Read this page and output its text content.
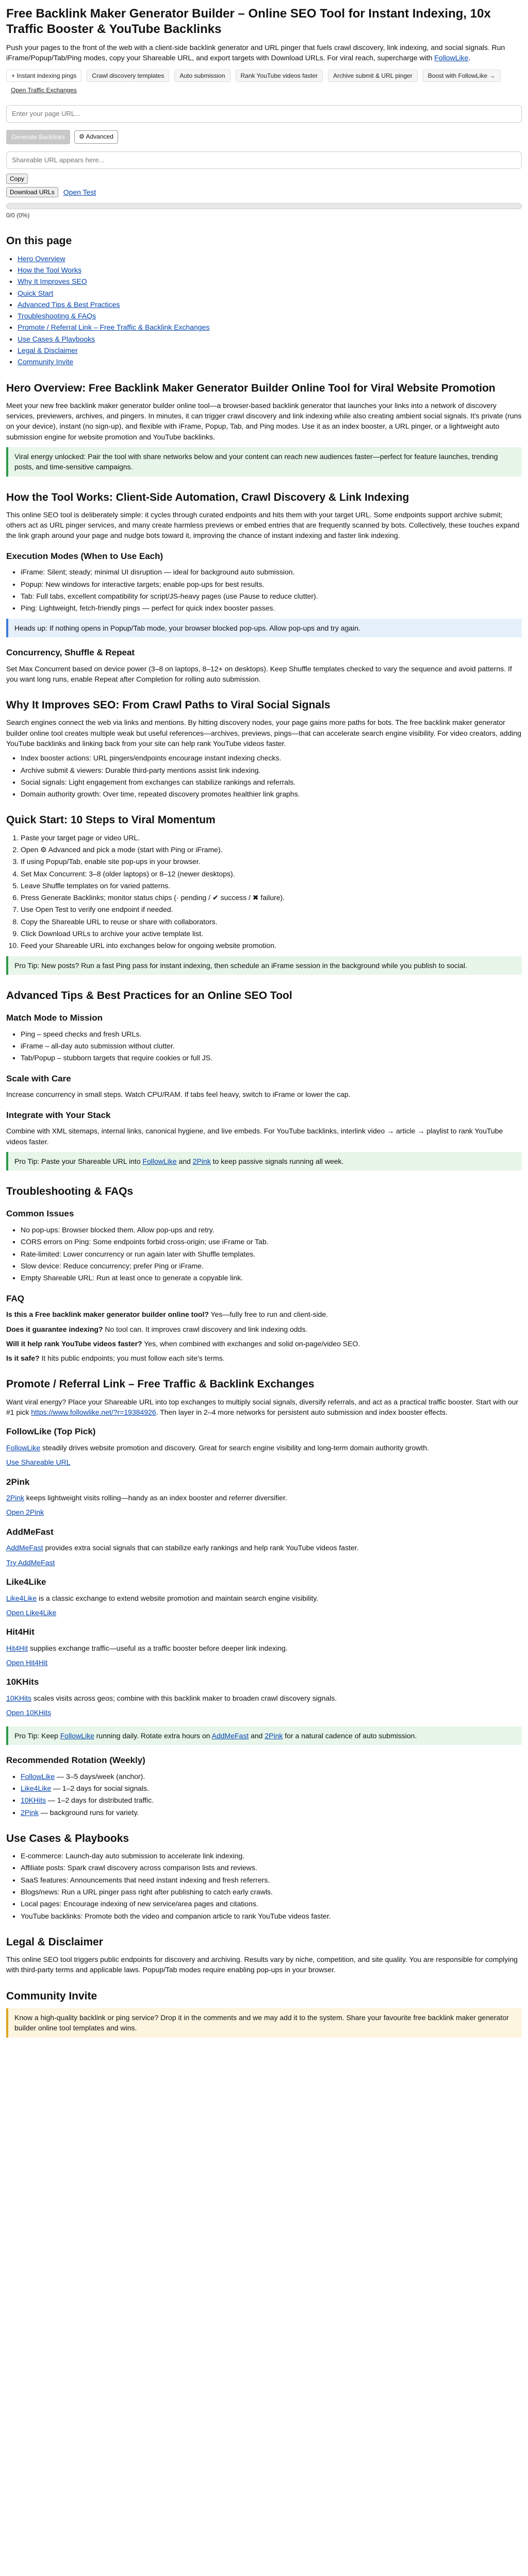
Free Backlink Maker Generator Builder – Online SEO Tool for Instant Indexing, 10x Traffic Booster & YouTube Backlinks

Push your pages to the front of the web with a client-side backlink generator and URL pinger that fuels crawl discovery, link indexing, and social signals. Run iFrame/Popup/Tab/Ping modes, copy your Shareable URL, and export targets with Download URLs. For viral reach, supercharge with FollowLike.

+ Instant indexing pings	Crawl discovery templates	Auto submission	Rank YouTube videos faster	Archive submit & URL pinger	Boost with FollowLike →
Open Traffic Exchanges
Enter your page URL...
Generate Backlinks	⚙ Advanced
Shareable URL appears here...
Copy
Download URLs	Open Test
0/0 (0%)
On this page
• Hero Overview
• How the Tool Works
• Why It Improves SEO
• Quick Start
• Advanced Tips & Best Practices
• Troubleshooting & FAQs
• Promote / Referral Link – Free Traffic & Backlink Exchanges
• Use Cases & Playbooks
• Legal & Disclaimer
• Community Invite
Hero Overview: Free Backlink Maker Generator Builder Online Tool for Viral Website Promotion

Meet your new free backlink maker generator builder online tool—a browser-based backlink generator that launches your links into a network of discovery services, previewers, archives, and pingers. In minutes, it can trigger crawl discovery and link indexing while also creating ambient social signals. It's private (runs on your device), instant (no sign-up), and flexible with iFrame, Popup, Tab, and Ping modes. Use it as an index booster, a URL pinger, or a lightweight auto submission engine for website promotion and YouTube backlinks.

Viral energy unlocked: Pair the tool with share networks below and your content can reach new audiences faster—perfect for feature launches, trending posts, and time-sensitive campaigns.
How the Tool Works: Client-Side Automation, Crawl Discovery & Link Indexing

This online SEO tool is deliberately simple: it cycles through curated endpoints and hits them with your target URL. Some endpoints support archive submit; others act as URL pinger services, and many create harmless previews or embed entries that are frequently scanned by bots. Collectively, these touches expand the link graph around your page and nudge bots toward it, improving the chance of instant indexing and faster link indexing.

Execution Modes (When to Use Each)
• iFrame: Silent; steady; minimal UI disruption — ideal for background auto submission.
• Popup: New windows for interactive targets; enable pop-ups for best results.
• Tab: Full tabs, excellent compatibility for script/JS-heavy pages (use Pause to reduce clutter).
• Ping: Lightweight, fetch-friendly pings — perfect for quick index booster passes.
Heads up: If nothing opens in Popup/Tab mode, your browser blocked pop-ups. Allow pop-ups and try again.
Concurrency, Shuffle & Repeat

Set Max Concurrent based on device power (3–8 on laptops, 8–12+ on desktops). Keep Shuffle templates checked to vary the sequence and avoid patterns. If you want long runs, enable Repeat after Completion for rolling auto submission.

Why It Improves SEO: From Crawl Paths to Viral Social Signals

Search engines connect the web via links and mentions. By hitting discovery nodes, your page gains more paths for bots. The free backlink maker generator builder online tool creates multiple weak but useful references—archives, previews, pings—that can accelerate search engine visibility. For video creators, adding YouTube backlinks and linking back from your site can help rank YouTube videos faster.

• Index booster actions: URL pingers/endpoints encourage instant indexing checks.
• Archive submit & viewers: Durable third-party mentions assist link indexing.
• Social signals: Light engagement from exchanges can stabilize rankings and referrals.
• Domain authority growth: Over time, repeated discovery promotes healthier link graphs.
Quick Start: 10 Steps to Viral Momentum
1. Paste your target page or video URL.
2. Open ⚙ Advanced and pick a mode (start with Ping or iFrame).
3. If using Popup/Tab, enable site pop-ups in your browser.
4. Set Max Concurrent: 3–8 (older laptops) or 8–12 (newer desktops).
5. Leave Shuffle templates on for varied patterns.
6. Press Generate Backlinks; monitor status chips (· pending / ✔ success / ✖ failure).
7. Use Open Test to verify one endpoint if needed.
8. Copy the Shareable URL to reuse or share with collaborators.
9. Click Download URLs to archive your active template list.
10. Feed your Shareable URL into exchanges below for ongoing website promotion.
Pro Tip: New posts? Run a fast Ping pass for instant indexing, then schedule an iFrame session in the background while you publish to social.
Advanced Tips & Best Practices for an Online SEO Tool
Match Mode to Mission
• Ping – speed checks and fresh URLs.
• iFrame – all-day auto submission without clutter.
• Tab/Popup – stubborn targets that require cookies or full JS.
Scale with Care

Increase concurrency in small steps. Watch CPU/RAM. If tabs feel heavy, switch to iFrame or lower the cap.

Integrate with Your Stack

Combine with XML sitemaps, internal links, canonical hygiene, and live embeds. For YouTube backlinks, interlink video → article → playlist to rank YouTube videos faster.

Pro Tip: Paste your Shareable URL into FollowLike and 2Pink to keep passive signals running all week.
Troubleshooting & FAQs
Common Issues
• No pop-ups: Browser blocked them. Allow pop-ups and retry.
• CORS errors on Ping: Some endpoints forbid cross-origin; use iFrame or Tab.
• Rate-limited: Lower concurrency or run again later with Shuffle templates.
• Slow device: Reduce concurrency; prefer Ping or iFrame.
• Empty Shareable URL: Run at least once to generate a copyable link.
FAQ

Is this a Free backlink maker generator builder online tool? Yes—fully free to run and client-side.

Does it guarantee indexing? No tool can. It improves crawl discovery and link indexing odds.

Will it help rank YouTube videos faster? Yes, when combined with exchanges and solid on-page/video SEO.

Is it safe? It hits public endpoints; you must follow each site's terms.

Promote / Referral Link – Free Traffic & Backlink Exchanges

Want viral energy? Place your Shareable URL into top exchanges to multiply social signals, diversify referrals, and act as a practical traffic booster. Start with our #1 pick https://www.followlike.net/?r=19384926. Then layer in 2–4 more networks for persistent auto submission and index booster effects.

FollowLike (Top Pick)

FollowLike steadily drives website promotion and discovery. Great for search engine visibility and long-term domain authority growth.

Use Shareable URL
2Pink

2Pink keeps lightweight visits rolling—handy as an index booster and referrer diversifier.

Open 2Pink
AddMeFast

AddMeFast provides extra social signals that can stabilize early rankings and help rank YouTube videos faster.

Try AddMeFast
Like4Like

Like4Like is a classic exchange to extend website promotion and maintain search engine visibility.

Open Like4Like
Hit4Hit

Hit4Hit supplies exchange traffic—useful as a traffic booster before deeper link indexing.

Open Hit4Hit
10KHits

10KHits scales visits across geos; combine with this backlink maker to broaden crawl discovery signals.

Open 10KHits
Pro Tip: Keep FollowLike running daily. Rotate extra hours on AddMeFast and 2Pink for a natural cadence of auto submission.
Recommended Rotation (Weekly)
• FollowLike — 3–5 days/week (anchor).
• Like4Like — 1–2 days for social signals.
• 10KHits — 1–2 days for distributed traffic.
• 2Pink — background runs for variety.
Use Cases & Playbooks
• E-commerce: Launch-day auto submission to accelerate link indexing.
• Affiliate posts: Spark crawl discovery across comparison lists and reviews.
• SaaS features: Announcements that need instant indexing and fresh referrers.
• Blogs/news: Run a URL pinger pass right after publishing to catch early crawls.
• Local pages: Encourage indexing of new service/area pages and citations.
• YouTube backlinks: Promote both the video and companion article to rank YouTube videos faster.
Legal & Disclaimer

This online SEO tool triggers public endpoints for discovery and archiving. Results vary by niche, competition, and site quality. You are responsible for complying with third-party terms and applicable laws. Popup/Tab modes require enabling pop-ups in your browser.

Community Invite
Know a high-quality backlink or ping service? Drop it in the comments and we may add it to the system. Share your favourite free backlink maker generator builder online tool templates and wins.
